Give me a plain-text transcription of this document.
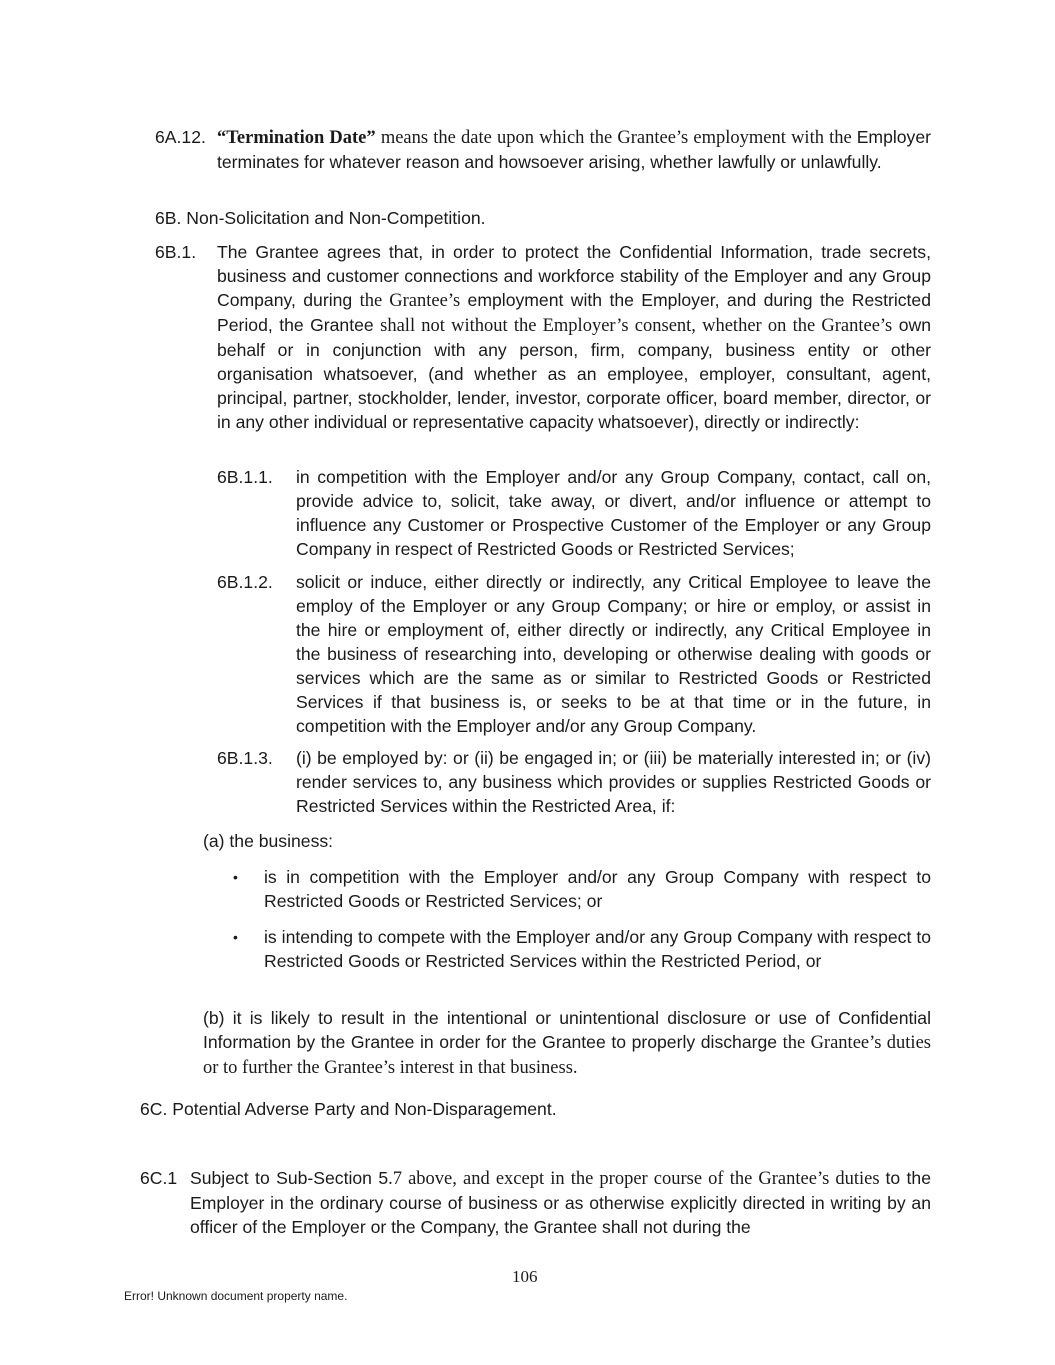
6A.12. “Termination Date” means the date upon which the Grantee’s employment with the Employer terminates for whatever reason and howsoever arising, whether lawfully or unlawfully.
6B. Non-Solicitation and Non-Competition.
6B.1. The Grantee agrees that, in order to protect the Confidential Information, trade secrets, business and customer connections and workforce stability of the Employer and any Group Company, during the Grantee’s employment with the Employer, and during the Restricted Period, the Grantee shall not without the Employer’s consent, whether on the Grantee’s own behalf or in conjunction with any person, firm, company, business entity or other organisation whatsoever, (and whether as an employee, employer, consultant, agent, principal, partner, stockholder, lender, investor, corporate officer, board member, director, or in any other individual or representative capacity whatsoever), directly or indirectly:
6B.1.1. in competition with the Employer and/or any Group Company, contact, call on, provide advice to, solicit, take away, or divert, and/or influence or attempt to influence any Customer or Prospective Customer of the Employer or any Group Company in respect of Restricted Goods or Restricted Services;
6B.1.2. solicit or induce, either directly or indirectly, any Critical Employee to leave the employ of the Employer or any Group Company; or hire or employ, or assist in the hire or employment of, either directly or indirectly, any Critical Employee in the business of researching into, developing or otherwise dealing with goods or services which are the same as or similar to Restricted Goods or Restricted Services if that business is, or seeks to be at that time or in the future, in competition with the Employer and/or any Group Company.
6B.1.3. (i) be employed by: or (ii) be engaged in; or (iii) be materially interested in; or (iv) render services to, any business which provides or supplies Restricted Goods or Restricted Services within the Restricted Area, if:
(a) the business:
• is in competition with the Employer and/or any Group Company with respect to Restricted Goods or Restricted Services; or
• is intending to compete with the Employer and/or any Group Company with respect to Restricted Goods or Restricted Services within the Restricted Period, or
(b) it is likely to result in the intentional or unintentional disclosure or use of Confidential Information by the Grantee in order for the Grantee to properly discharge the Grantee’s duties or to further the Grantee’s interest in that business.
6C. Potential Adverse Party and Non-Disparagement.
6C.1 Subject to Sub-Section 5.7 above, and except in the proper course of the Grantee’s duties to the Employer in the ordinary course of business or as otherwise explicitly directed in writing by an officer of the Employer or the Company, the Grantee shall not during the
106
Error! Unknown document property name.
